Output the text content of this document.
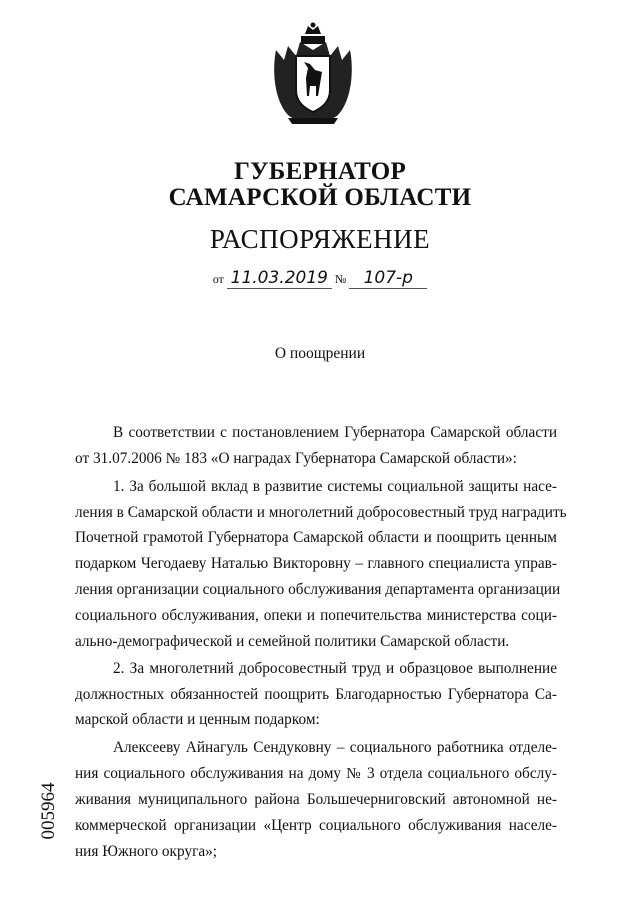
ГУБЕРНАТОР
САМАРСКОЙ ОБЛАСТИ
РАСПОРЯЖЕНИЕ
от 11.03.2019 № 107-р
О поощрении
В соответствии с постановлением Губернатора Самарской области
от 31.07.2006 № 183 «О наградах Губернатора Самарской области»:
1. За большой вклад в развитие системы социальной защиты насе-
ления в Самарской области и многолетний добросовестный труд наградить
Почетной грамотой Губернатора Самарской области и поощрить ценным
подарком Чегодаеву Наталью Викторовну – главного специалиста управ-
ления организации социального обслуживания департамента организации
социального обслуживания, опеки и попечительства министерства соци-
ально-демографической и семейной политики Самарской области.
2. За многолетний добросовестный труд и образцовое выполнение
должностных обязанностей поощрить Благодарностью Губернатора Са-
марской области и ценным подарком:
Алексееву Айнагуль Сендуковну – социального работника отделе-
ния социального обслуживания на дому № 3 отдела социального обслу-
живания муниципального района Большечерниговский автономной не-
коммерческой организации «Центр социального обслуживания населе-
ния Южного округа»;
005964
